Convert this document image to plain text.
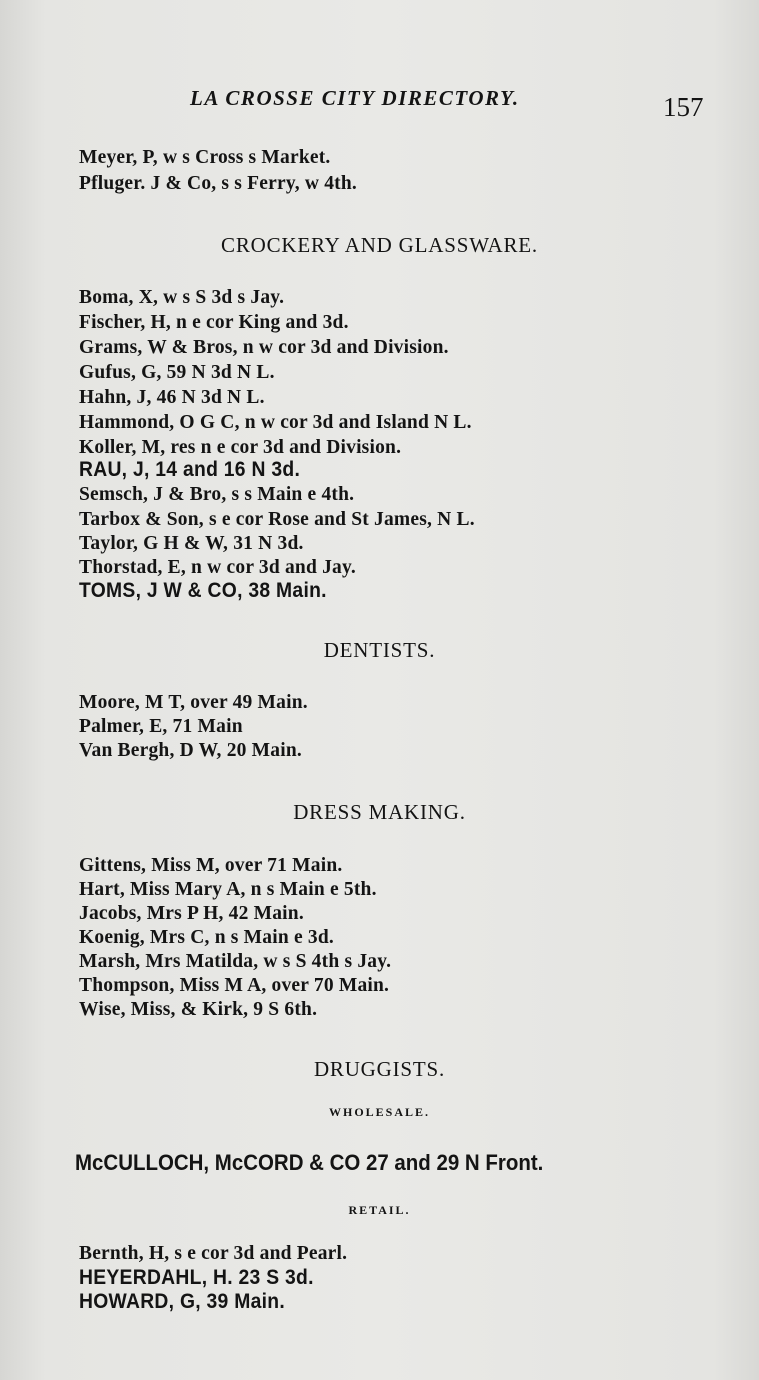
LA CROSSE CITY DIRECTORY.	157
Meyer, P, w s Cross s Market.
Pfluger. J & Co, s s Ferry, w 4th.
CROCKERY AND GLASSWARE.
Boma, X, w s S 3d s Jay.
Fischer, H, n e cor King and 3d.
Grams, W & Bros, n w cor 3d and Division.
Gufus, G, 59 N 3d N L.
Hahn, J, 46 N 3d N L.
Hammond, O G C, n w cor 3d and Island N L.
Koller, M, res n e cor 3d and Division.
RAU, J, 14 and 16 N 3d.
Semsch, J & Bro, s s Main e 4th.
Tarbox & Son, s e cor Rose and St James, N L.
Taylor, G H & W, 31 N 3d.
Thorstad, E, n w cor 3d and Jay.
TOMS, J W & CO, 38 Main.
DENTISTS.
Moore, M T, over 49 Main.
Palmer, E, 71 Main
Van Bergh, D W, 20 Main.
DRESS MAKING.
Gittens, Miss M, over 71 Main.
Hart, Miss Mary A, n s Main e 5th.
Jacobs, Mrs P H, 42 Main.
Koenig, Mrs C, n s Main e 3d.
Marsh, Mrs Matilda, w s S 4th s Jay.
Thompson, Miss M A, over 70 Main.
Wise, Miss, & Kirk, 9 S 6th.
DRUGGISTS.
WHOLESALE.
McCULLOCH, McCORD & CO 27 and 29 N Front.
RETAIL.
Bernth, H, s e cor 3d and Pearl.
HEYERDAHL, H. 23 S 3d.
HOWARD, G, 39 Main.
